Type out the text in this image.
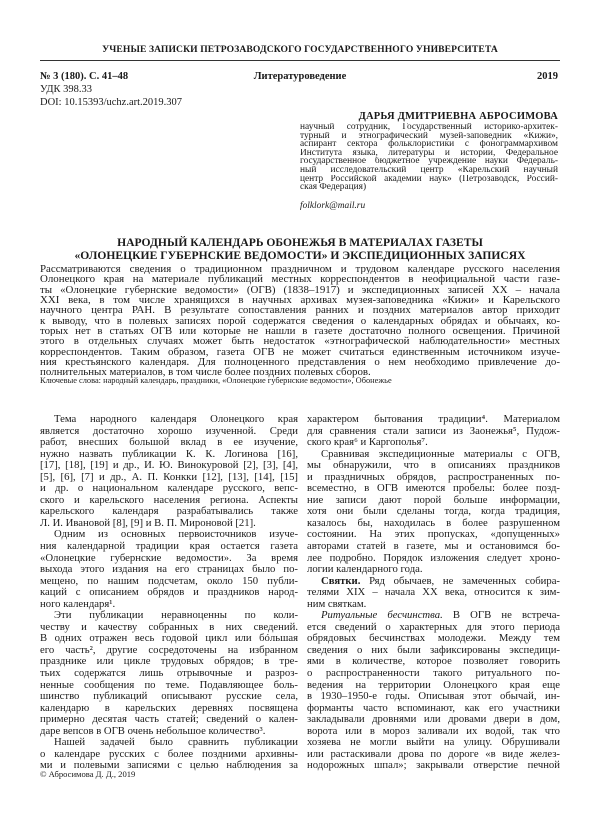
УЧЕНЫЕ ЗАПИСКИ ПЕТРОЗАВОДСКОГО ГОСУДАРСТВЕННОГО УНИВЕРСИТЕТА
№ 3 (180). С. 41–48	Литературоведение	2019
УДК 398.33
DOI: 10.15393/uchz.art.2019.307
ДАРЬЯ ДМИТРИЕВНА АБРОСИМОВА
научный сотрудник, Государственный историко-архитек-
турный и этнографический музей-заповедник «Кижи»,
аспирант сектора фольклористики с фонограммархивом
Института языка, литературы и истории, Федеральное
государственное бюджетное учреждение науки Федераль-
ный исследовательский центр «Карельский научный
центр Российской академии наук» (Петрозаводск, Россий-
ская Федерация)
folklork@mail.ru
НАРОДНЫЙ КАЛЕНДАРЬ ОБОНЕЖЬЯ В МАТЕРИАЛАХ ГАЗЕТЫ
«ОЛОНЕЦКИЕ ГУБЕРНСКИЕ ВЕДОМОСТИ» И ЭКСПЕДИЦИОННЫХ ЗАПИСЯХ
Рассматриваются сведения о традиционном праздничном и трудовом календаре русского населения
Олонецкого края на материале публикаций местных корреспондентов в неофициальной части газе-
ты «Олонецкие губернские ведомости» (ОГВ) (1838–1917) и экспедиционных записей XX – начала
XXI века, в том числе хранящихся в научных архивах музея-заповедника «Кижи» и Карельского
научного центра РАН. В результате сопоставления ранних и поздних материалов автор приходит
к выводу, что в полевых записях порой содержатся сведения о календарных обрядах и обычаях, ко-
торых нет в статьях ОГВ или которые не нашли в газете достаточно полного освещения. Причиной
этого в отдельных случаях может быть недостаток «этнографической наблюдательности» местных
корреспондентов. Таким образом, газета ОГВ не может считаться единственным источником изуче-
ния крестьянского календаря. Для полноценного представления о нем необходимо привлечение до-
полнительных материалов, в том числе более поздних полевых сборов.
Ключевые слова: народный календарь, праздники, «Олонецкие губернские ведомости», Обонежье
Тема народного календаря Олонецкого края
является достаточно хорошо изученной. Среди
работ, внесших большой вклад в ее изучение,
нужно назвать публикации К. К. Логинова [16],
[17], [18], [19] и др., И. Ю. Винокуровой [2], [3], [4],
[5], [6], [7] и др., А. П. Конкки [12], [13], [14], [15]
и др. о национальном календаре русского, вепс-
ского и карельского населения региона. Аспекты
карельского календаря разрабатывались также
Л. И. Ивановой [8], [9] и В. П. Мироновой [21].
Одним из основных первоисточников изуче-
ния календарной традиции края остается газета
«Олонецкие губернские ведомости». За время
выхода этого издания на его страницах было по-
мещено, по нашим подсчетам, около 150 публи-
каций с описанием обрядов и праздников народ-
ного календаря¹.
Эти публикации неравноценны по коли-
честву и качеству собранных в них сведений.
В одних отражен весь годовой цикл или бóльшая
его часть², другие сосредоточены на избранном
празднике или цикле трудовых обрядов; в тре-
тьих содержатся лишь отрывочные и разроз-
ненные сообщения по теме. Подавляющее боль-
шинство публикаций описывают русские села,
календарю в карельских деревнях посвящена
примерно десятая часть статей; сведений о кален-
даре вепсов в ОГВ очень небольшое количество³.
Нашей задачей было сравнить публикации
о календаре русских с более поздними архивны-
ми и полевыми записями с целью наблюдения за
характером бытования традиции⁴. Материалом
для сравнения стали записи из Заонежья⁵, Пудож-
ского края⁶ и Каргополья⁷.
Сравнивая экспедиционные материалы с ОГВ,
мы обнаружили, что в описаниях праздников
и праздничных обрядов, распространенных по-
всеместно, в ОГВ имеются пробелы: более позд-
ние записи дают порой больше информации,
хотя они были сделаны тогда, когда традиция,
казалось бы, находилась в более разрушенном
состоянии. На этих пропусках, «допущенных»
авторами статей в газете, мы и остановимся бо-
лее подробно. Порядок изложения следует хроно-
логии календарного года.
Святки. Ряд обычаев, не замеченных собира-
телями XIX – начала XX века, относится к зим-
ним святкам.
Ритуальные бесчинства. В ОГВ не встреча-
ется сведений о характерных для этого периода
обрядовых бесчинствах молодежи. Между тем
сведения о них были зафиксированы экспедици-
ями в количестве, которое позволяет говорить
о распространенности такого ритуального по-
ведения на территории Олонецкого края еще
в 1930–1950-е годы. Описывая этот обычай, ин-
форманты часто вспоминают, как его участники
закладывали дровнями или дровами двери в дом,
ворота или в мороз заливали их водой, так что
хозяева не могли выйти на улицу. Обрушивали
или растаскивали дрова по дороге «в виде желез-
нодорожных шпал»; закрывали отверстие печной
© Абросимова Д. Д., 2019
